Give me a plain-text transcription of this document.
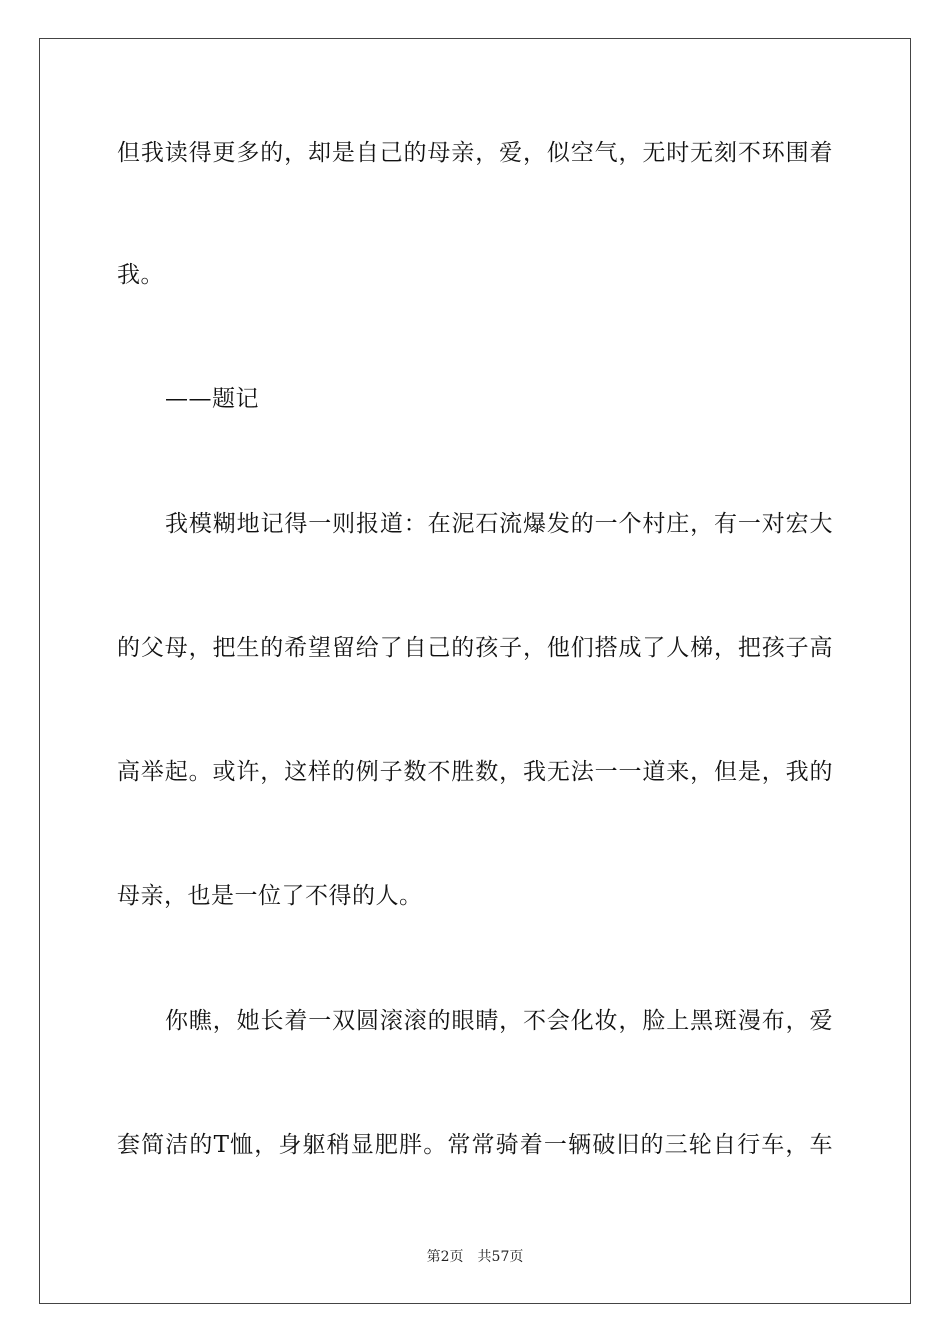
但我读得更多的，却是自己的母亲，爱，似空气，无时无刻不环围着
我。
——题记
我模糊地记得一则报道：在泥石流爆发的一个村庄，有一对宏大
的父母，把生的希望留给了自己的孩子，他们搭成了人梯，把孩子高
高举起。或许，这样的例子数不胜数，我无法一一道来，但是，我的
母亲，也是一位了不得的人。
你瞧，她长着一双圆滚滚的眼睛，不会化妆，脸上黑斑漫布，爱
套简洁的T恤，身躯稍显肥胖。常常骑着一辆破旧的三轮自行车，车
第2页 共57页
